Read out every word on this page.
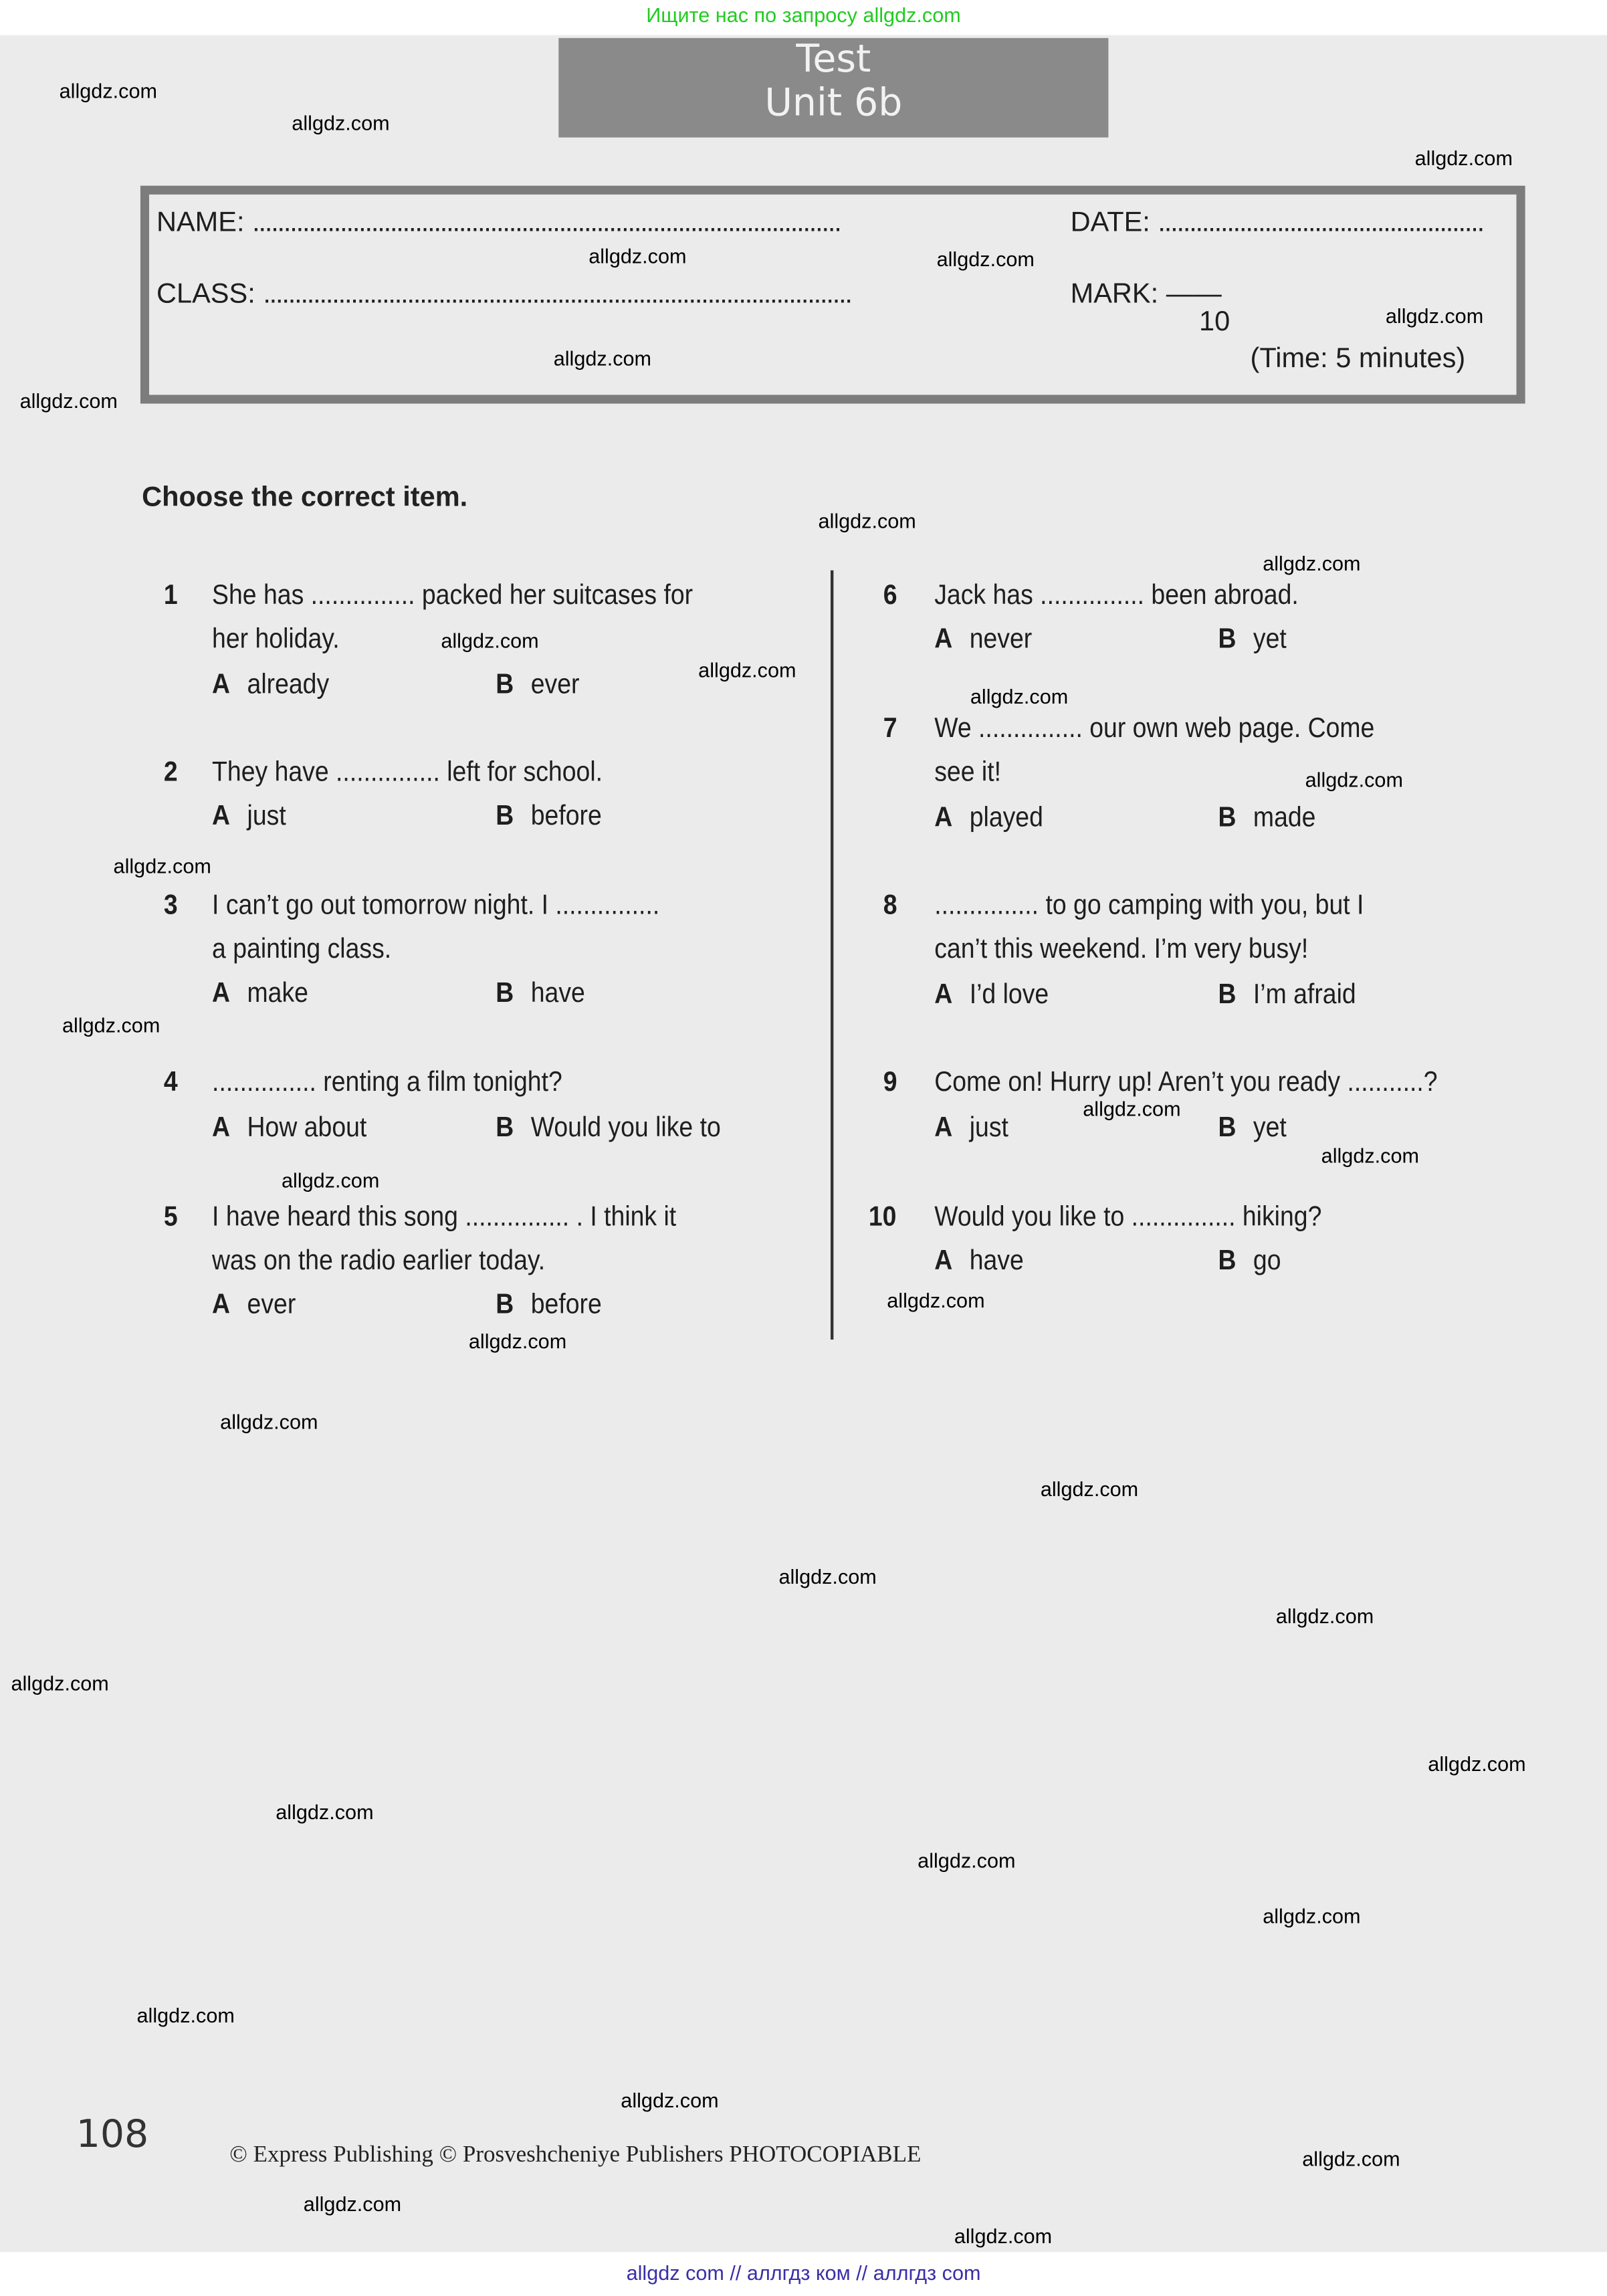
Ищите нас по запросу allgdz.com
Test
Unit 6b
NAME: ..............................................................................................	DATE: ....................................................
CLASS: ..............................................................................................	MARK: ——
10
(Time: 5 minutes)
Choose the correct item.
1	She has ............... packed her suitcases for
her holiday.
A already	B ever
2	They have ............... left for school.
A just	B before
3	I can’t go out tomorrow night. I ...............
a painting class.
A make	B have
4	............... renting a film tonight?
A How about	B Would you like to
5	I have heard this song ............... . I think it
was on the radio earlier today.
A ever	B before
6	Jack has ............... been abroad.
A never	B yet
7	We ............... our own web page. Come
see it!
A played	B made
8	............... to go camping with you, but I
can’t this weekend. I’m very busy!
A I’d love	B I’m afraid
9	Come on! Hurry up! Aren’t you ready ...........?
A just	B yet
10	Would you like to ............... hiking?
A have	B go
allgdz.com
allgdz.com
allgdz.com
allgdz.com	allgdz.com
allgdz.com
allgdz.com
allgdz.com
allgdz.com
allgdz.com
allgdz.com
allgdz.com
allgdz.com
allgdz.com
allgdz.com
allgdz.com
allgdz.com
allgdz.com
allgdz.com
allgdz.com
allgdz.com
allgdz.com
allgdz.com
allgdz.com
allgdz.com
allgdz.com
allgdz.com
allgdz.com
allgdz.com
allgdz.com
allgdz.com
allgdz.com
allgdz.com
allgdz.com
allgdz.com
108	© Express Publishing © Prosveshcheniye Publishers PHOTOCOPIABLE
allgdz com // аллгдз ком // аллгдз com
